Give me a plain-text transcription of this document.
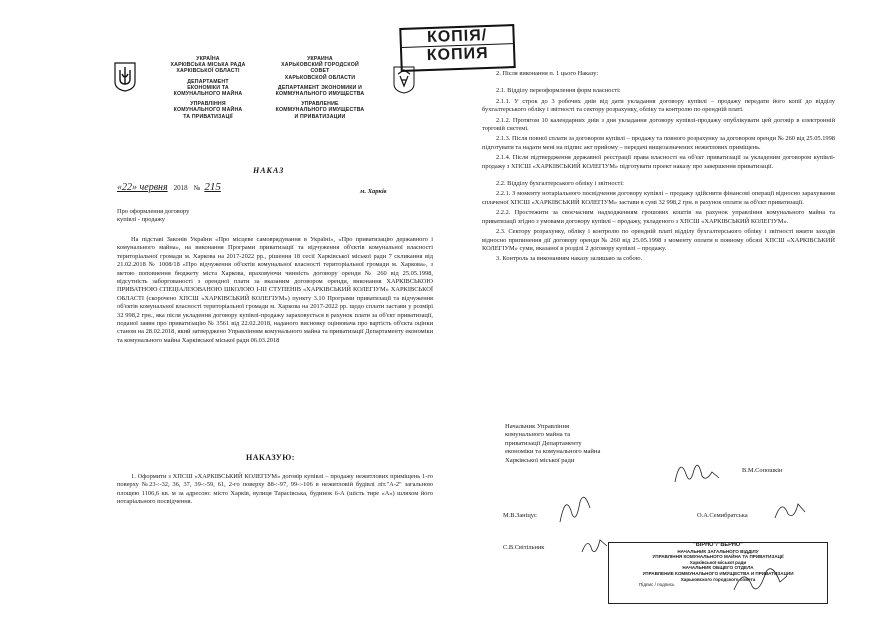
УКРАЇНА
ХАРКІВСЬКА МІСЬКА РАДА
ХАРКІВСЬКОЇ ОБЛАСТІ
ДЕПАРТАМЕНТ
ЕКОНОМІКИ ТА
КОМУНАЛЬНОГО МАЙНА
УПРАВЛІННЯ
КОМУНАЛЬНОГО МАЙНА
ТА ПРИВАТИЗАЦІЇ
УКРАИНА
ХАРЬКОВСКИЙ ГОРОДСКОЙ
СОВЕТ
ХАРЬКОВСКОЙ ОБЛАСТИ
ДЕПАРТАМЕНТ ЭКОНОМИКИ И
КОММУНАЛЬНОГО ИМУЩЕСТВА
УПРАВЛЕНИЕ
КОММУНАЛЬНОГО ИМУЩЕСТВА
И ПРИВАТИЗАЦИИ
КОПІЯ/
КОПИЯ
НАКАЗ
«22» червня 2018 № 215	м. Харків
Про оформлення договору
купівлі - продажу

На підставі Законів України «Про місцеве самоврядування в Україні», «Про приватизацію державного і комунального майна», на виконання Програми приватизації та відчуження об'єктів комунальної власності територіальної громади м. Харкова на 2017-2022 рр., рішення 18 сесії Харківської міської ради 7 скликання від 21.02.2018 № 1008/18 «Про відчуження об'єктів комунальної власності територіальної громади м. Харкова», з метою поповнення бюджету міста Харкова, враховуючи чинність договору оренди № 260 від 25.05.1998, відсутність заборгованості з орендної плати за вказаним договором оренди, виконання ХАРКІВСЬКОЮ ПРИВАТНОЮ СПЕЦІАЛІЗОВАНОЮ ШКОЛОЮ І-ІІІ СТУПЕНІВ «ХАРКІВСЬКИЙ КОЛЕГІУМ» ХАРКІВСЬКОЇ ОБЛАСТІ (скорочено ХПСШ «ХАРКІВСЬКИЙ КОЛЕГІУМ») пункту 3.10 Програми приватизації та відчуження об'єктів комунальної власності територіальної громади м. Харкова на 2017-2022 рр. щодо сплати застави у розмірі 32 998,2 грн., яка після укладення договору купівлі-продажу зараховується в рахунок плати за об'єкт приватизації, поданої заяви про приватизацію № 3561 від 22.02.2018, наданого висновку оцінювача про вартість об'єкта оцінки станом на 28.02.2018, який затверджено Управлінням комунального майна та приватизації Департаменту економіки та комунального майна Харківської міської ради 06.03.2018

НАКАЗУЮ:

1. Оформити з ХПСШ «ХАРКІВСЬКИЙ КОЛЕГІУМ» договір купівлі – продажу нежитлових приміщень 1-го поверху №23-:-32, 36, 37, 39-:-59, 61, 2-го поверху 88-:-97, 99-:-106 в нежитловій будівлі літ."А-2" загальною площею 1106,6 кв. м за адресою: місто Харків, вулиця Тарасівська, будинок 6-А (шість тире «А») шляхом його нотаріального посвідчення.

2. Після виконання п. 1 цього Наказу:

2.1. Відділу переоформлення форм власності:

2.1.1. У строк до 3 робочих днів від дати укладання договору купівлі – продажу передати його копії до відділу бухгалтерського обліку і звітності та сектору розрахунку, обліку та контролю по орендній платі.

2.1.2. Протягом 10 календарних днів з дня укладання договору купівлі-продажу опублікувати цей договір в електронній торговій системі.

2.1.3. Після повної сплати за договором купівлі – продажу та повного розрахунку за договором оренди № 260 від 25.05.1998 підготувати та надати мені на підпис акт прийому – передачі вищезазначених нежитлових приміщень.

2.1.4. Після підтвердження державної реєстрації права власності на об'єкт приватизації за укладеним договором купівлі-продажу з ХПСШ «ХАРКІВСЬКИЙ КОЛЕГІУМ» підготувати проект наказу про завершення приватизації.

2.2. Відділу бухгалтерського обліку і звітності:

2.2.1. З моменту нотаріального посвідчення договору купівлі – продажу здійснити фінансові операції відносно зарахування сплаченої ХПСШ «ХАРКІВСЬКИЙ КОЛЕГІУМ» застави в сумі 32 998,2 грн. в рахунок оплати за об'єкт приватизації.

2.2.2. Простежити за своєчасним надходженням грошових коштів на рахунок управління комунального майна та приватизації згідно з умовами договору купівлі – продажу, укладеного з ХПСШ «ХАРКІВСЬКИЙ КОЛЕГІУМ».

2.3. Сектору розрахунку, обліку і контролю по орендній платі відділу бухгалтерського обліку і звітності вжити заходів відносно припинення дії договору оренди № 260 від 25.05.1998 з моменту оплати в повному обсязі ХПСШ «ХАРКІВСЬКИЙ КОЛЕГІУМ» суми, вказаної в розділі 2 договору купівлі – продажу.

3. Контроль за виконанням наказу залишаю за собою.

Начальник Управління
комунального майна та
приватизації Департаменту
економіки та комунального майна
Харківської міської ради
В.М.Сопошкін
М.В.Заніцус	О.А.Семибратська
С.В.Світільник	"ВІРНО"/"ВЕРНО"
НАЧАЛЬНИК ЗАГАЛЬНОГО ВІДДІЛУ
УПРАВЛІННЯ КОМУНАЛЬНОГО МАЙНА ТА ПРИВАТИЗАЦІЇ
Харківської міської ради
НАЧАЛЬНИК ОБЩЕГО ОТДЕЛА
УПРАВЛЕНИЕ КОММУНАЛЬНОГО ИМУЩЕСТВА И ПРИВАТИЗАЦИИ
Харьковского городского совета
Підпис / подпись
